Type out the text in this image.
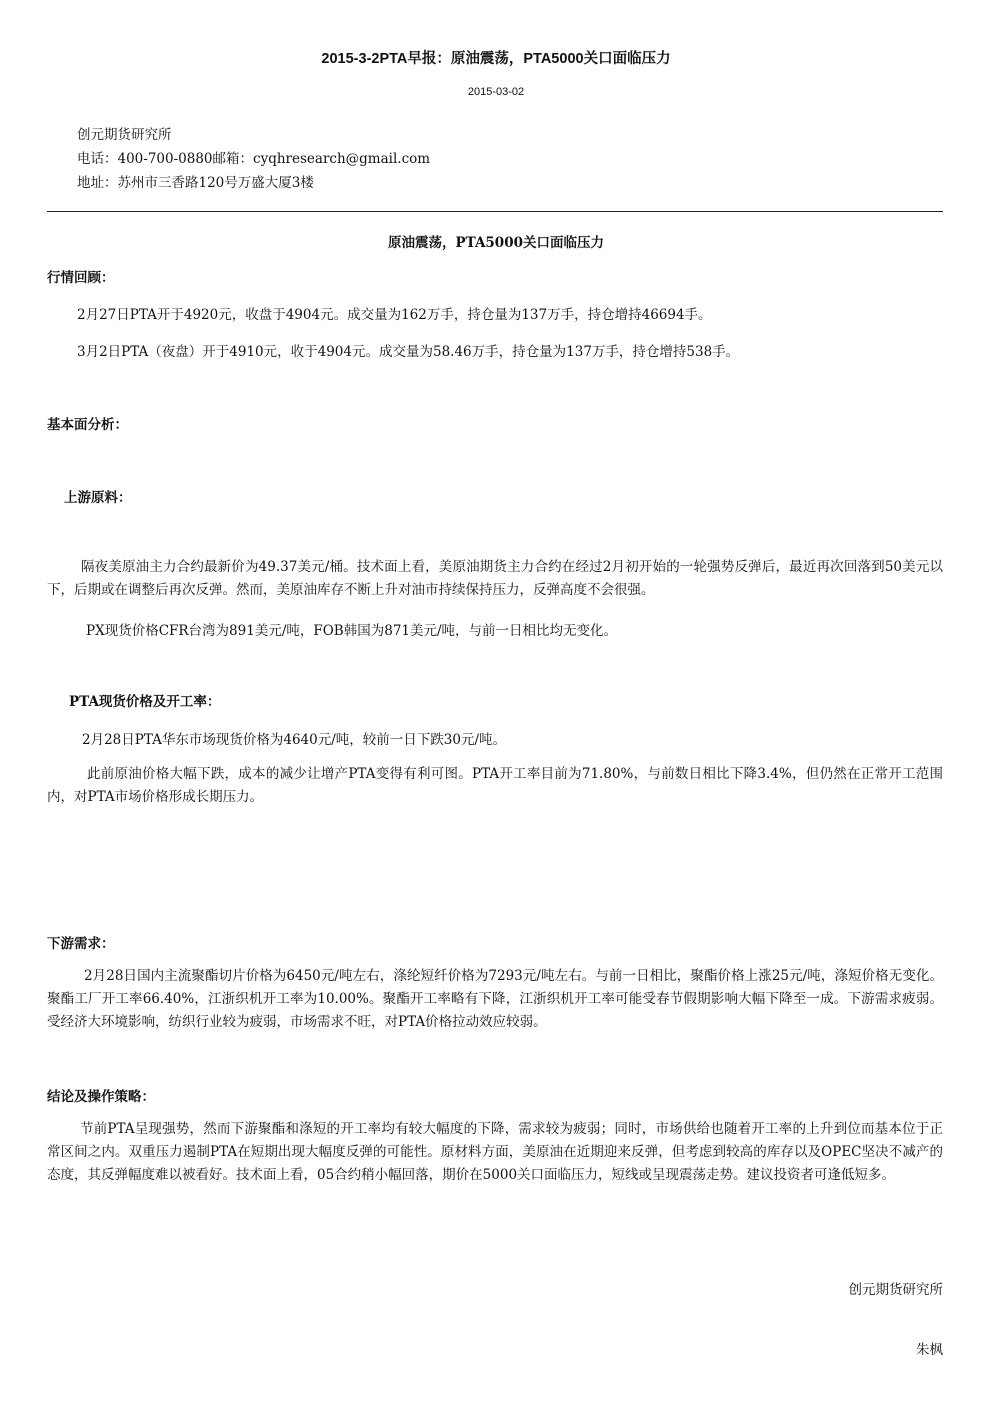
2015-3-2PTA早报：原油震荡，PTA5000关口面临压力
2015-03-02
创元期货研究所
电话：400-700-0880邮箱：cyqhresearch@gmail.com
地址：苏州市三香路120号万盛大厦3楼
原油震荡，PTA5000关口面临压力
行情回顾：
2月27日PTA开于4920元，收盘于4904元。成交量为162万手，持仓量为137万手，持仓增持46694手。
3月2日PTA（夜盘）开于4910元，收于4904元。成交量为58.46万手，持仓量为137万手，持仓增持538手。
基本面分析：
上游原料：
隔夜美原油主力合约最新价为49.37美元/桶。技术面上看，美原油期货主力合约在经过2月初开始的一轮强势反弹后，最近再次回落到50美元以下，后期或在调整后再次反弹。然而，美原油库存不断上升对油市持续保持压力，反弹高度不会很强。
PX现货价格CFR台湾为891美元/吨，FOB韩国为871美元/吨，与前一日相比均无变化。
PTA现货价格及开工率：
2月28日PTA华东市场现货价格为4640元/吨，较前一日下跌30元/吨。
此前原油价格大幅下跌，成本的减少让增产PTA变得有利可图。PTA开工率目前为71.80%，与前数日相比下降3.4%，但仍然在正常开工范围内，对PTA市场价格形成长期压力。
下游需求：
2月28日国内主流聚酯切片价格为6450元/吨左右，涤纶短纤价格为7293元/吨左右。与前一日相比，聚酯价格上涨25元/吨，涤短价格无变化。聚酯工厂开工率66.40%，江浙织机开工率为10.00%。聚酯开工率略有下降，江浙织机开工率可能受春节假期影响大幅下降至一成。下游需求疲弱。受经济大环境影响，纺织行业较为疲弱，市场需求不旺，对PTA价格拉动效应较弱。
结论及操作策略：
节前PTA呈现强势，然而下游聚酯和涤短的开工率均有较大幅度的下降，需求较为疲弱；同时，市场供给也随着开工率的上升到位而基本位于正常区间之内。双重压力遏制PTA在短期出现大幅度反弹的可能性。原材料方面，美原油在近期迎来反弹，但考虑到较高的库存以及OPEC坚决不减产的态度，其反弹幅度难以被看好。技术面上看，05合约稍小幅回落，期价在5000关口面临压力，短线或呈现震荡走势。建议投资者可逢低短多。
创元期货研究所
朱枫
